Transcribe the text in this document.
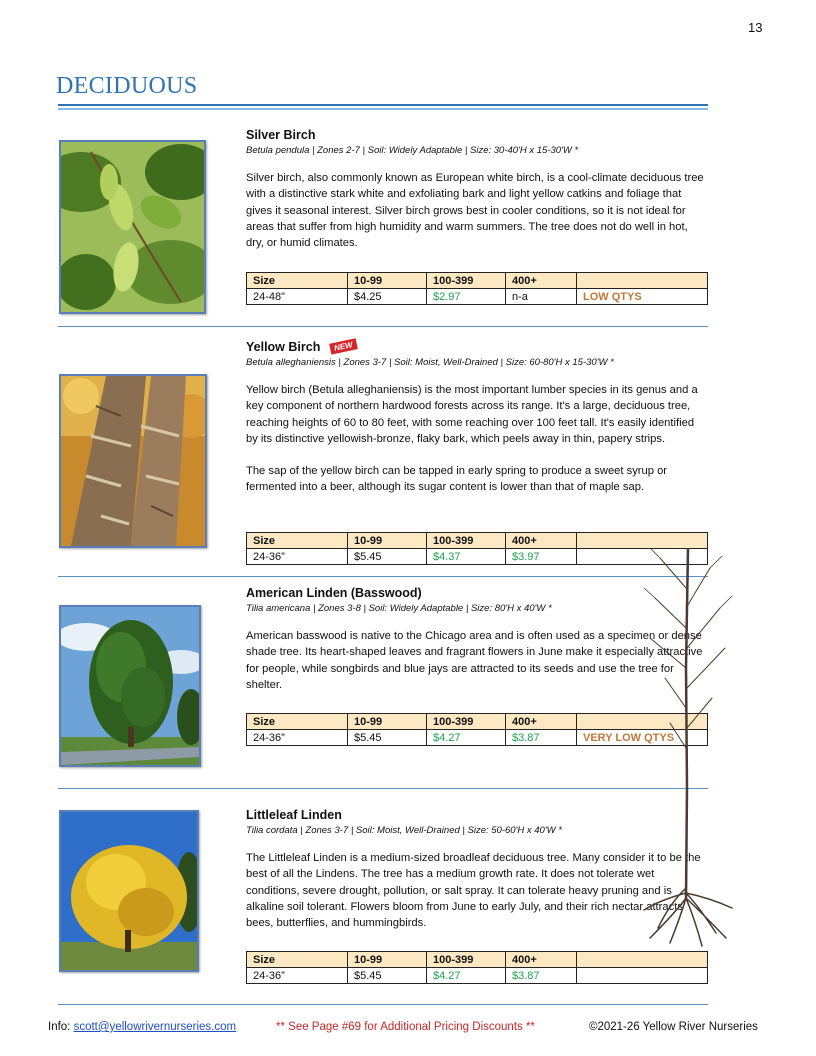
13
DECIDUOUS
Silver Birch
Betula pendula | Zones 2-7 | Soil: Widely Adaptable | Size: 30-40'H x 15-30'W *

Silver birch, also commonly known as European white birch, is a cool-climate deciduous tree with a distinctive stark white and exfoliating bark and light yellow catkins and foliage that gives it seasonal interest. Silver birch grows best in cooler conditions, so it is not ideal for areas that suffer from high humidity and warm summers. The tree does not do well in hot, dry, or humid climates.

Size	10-99	100-399	400+	
24-48”	$4.25	$2.97	n-a	LOW QTYS
Yellow Birch NEW
Betula alleghaniensis | Zones 3-7 | Soil: Moist, Well-Drained | Size: 60-80'H x 15-30'W *

Yellow birch (Betula alleghaniensis) is the most important lumber species in its genus and a key component of northern hardwood forests across its range. It's a large, deciduous tree, reaching heights of 60 to 80 feet, with some reaching over 100 feet tall. It's easily identified by its distinctive yellowish-bronze, flaky bark, which peels away in thin, papery strips.

The sap of the yellow birch can be tapped in early spring to produce a sweet syrup or fermented into a beer, although its sugar content is lower than that of maple sap.

Size	10-99	100-399	400+	
24-36”	$5.45	$4.37	$3.97	
American Linden (Basswood)
Tilia americana | Zones 3-8 | Soil: Widely Adaptable | Size: 80'H x 40'W *

American basswood is native to the Chicago area and is often used as a specimen or dense shade tree. Its heart-shaped leaves and fragrant flowers in June make it especially attractive for people, while songbirds and blue jays are attracted to its seeds and use the tree for shelter.

Size	10-99	100-399	400+	
24-36”	$5.45	$4.27	$3.87	VERY LOW QTYS
Littleleaf Linden
Tilia cordata | Zones 3-7 | Soil: Moist, Well-Drained | Size: 50-60'H x 40'W *

The Littleleaf Linden is a medium-sized broadleaf deciduous tree. Many consider it to be the best of all the Lindens. The tree has a medium growth rate. It does not tolerate wet conditions, severe drought, pollution, or salt spray. It can tolerate heavy pruning and is alkaline soil tolerant. Flowers bloom from June to early July, and their rich nectar attracts bees, butterflies, and hummingbirds.

Size	10-99	100-399	400+	
24-36”	$5.45	$4.27	$3.87	
Info: scott@yellowrivernurseries.com	** See Page #69 for Additional Pricing Discounts **	©2021-26 Yellow River Nurseries
